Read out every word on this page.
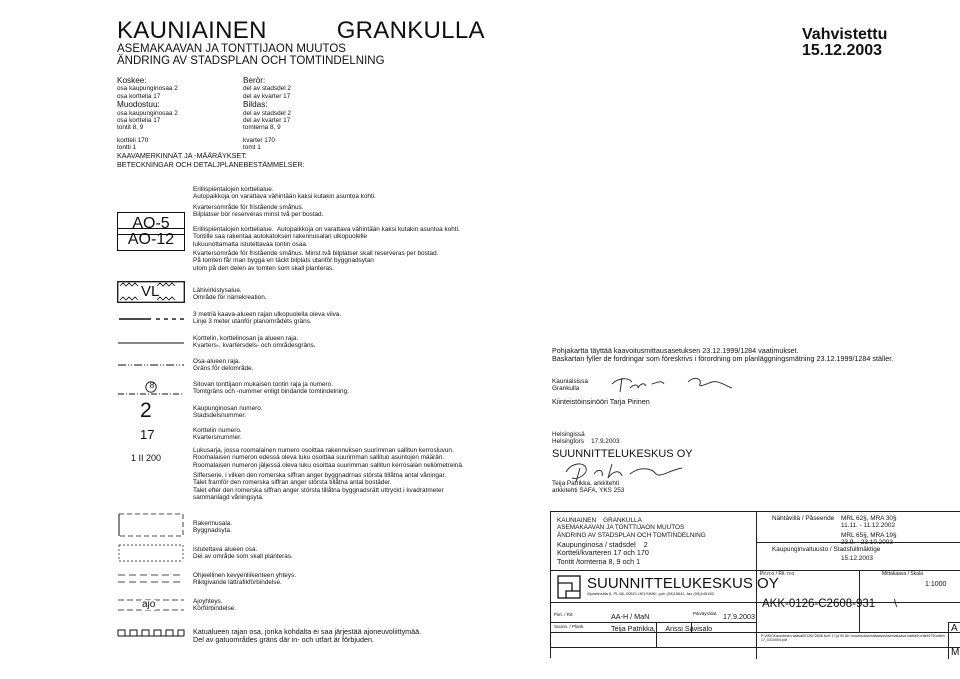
KAUNIAINEN	GRANKULLA
ASEMAKAAVAN JA TONTTIJAON MUUTOS
ÄNDRING AV STADSPLAN OCH TOMTINDELNING
Vahvistettu
15.12.2003
Koskee:
osa kaupunginosaa 2
osa korttelia 17
Muodostuu:
osa kaupunginosaa 2
osa korttelia 17
tontit 8, 9
kortteli 170
tontti 1
Berör:
del av stadsdel 2
del av kvarter 17
Bildas:
del av stadsdel 2
del av kvarter 17
tomterna 8, 9
kvarter 170
tomt 1
KAAVAMERKINNÄT JA -MÄÄRÄYKSET:
BETECKNINGAR OCH DETALJPLANEBESTÄMMELSER:
AO-5
Erillispientalojen korttelialue.
Autopaikkoja on varattava vähintään kaksi kutakin asuntoa kohti.
Kvartersområde för fristående småhus.
Bilplatser bör reserveras minst två per bostad.
AO-12
Erillispientalojen korttelialue.  Autopaikkoja on varattava vähintään kaksi kutakin asuntoa kohti.
Tontille saa rakentaa autokatoksen rakennusalan ulkopuolelle
lukuunottamatta istutettavaa tontin osaa.
Kvartersområde för fristående småhus. Minst två bilplatser skall reserveras per bostad.
På tomten får man bygga en täckt bilplats utanför byggnadsytan
utom på den delen av tomten som skall planteras.
VL	Lähivirkistysalue.
Område för närrekreation.
3 metriä kaava-alueen rajan ulkopuolella oleva viiva.
Linje 3 meter utanför planområdets gräns.
Korttelin, korttelinosan ja alueen raja.
Kvarters-, kvartersdels- och områdesgräns.
Osa-alueen raja.
Gräns för delområde.
8	Sitovan tonttijaon mukaisen tontin raja ja numero.
Tomtgräns och -nummer enligt bindande tomtindelning.
2	Kaupunginosan numero.
Stadsdelsnummer.
17	Korttelin numero.
Kvartersnummer.
1 II 200
Lukusarja, jossa roomalainen numero osoittaa rakennuksen suurimman sallitun kerrosluvun.
Roomalaisen numeron edessä oleva luku osoittaa suurimman sallitun asuntojen määrän.
Roomalaisen numeron jäljessä oleva luku osoittaa suurimman sallitun kerrosalan neliömetreinä.
Sifferserie, i vilken den romerska siffran anger byggnadrnas största tillåtna antal våningar.
Talet framför den romerska siffran anger största tillåtna antal bostäder.
Talet efter den romerska siffran anger största tillåtna byggnadsrätt uttryckt i kvadratmeter
sammanlagd våningsyta.
Rakennusala.
Byggnadsyta.
Istutettava alueen osa.
Del av område som skall planteras.
Ohjeellinen kevyenliikenteen yhteys.
Riktgivande lättrafikförbindelse.
ajo	Ajoyhteys.
Körförbindelse.
Katualueen rajan osa, jonka kohdalta ei saa järjestää ajoneuvoliittymää.
Del av gatuområdes gräns där in- och utfart är förbjuden.
Pohjakartta täyttää kaavoitusmittausasetuksen 23.12.1999/1284 vaatimukset.
Baskartan fyller de fordringar som föreskrivs i förordning om planläggningsmätning 23.12.1999/1284 ställer.
Kauniaisissa
Grankulla
Kiinteistöinsinööri Tarja Pirinen
Helsingissä
Helsingfors    17.9.2003
SUUNNITTELUKESKUS OY
Teija Patrikka, arkkitehti
arkkitehti SAFA, YKS 253
KAUNIAINEN    GRANKULLA
ASEMAKAAVAN JA TONTTIJAON MUUTOS
ÄNDRING AV STADSPLAN OCH TOMTINDELNING
Kaupunginosa / stadsdel    2
Kortteli/kvarteren 17 och 170
Tontit /tomterna 8, 9 och 1
Nähtävillä / Påseende MRL 62§, MRA 30§
11.11. - 11.12.2002
MRL 65§, MRA 19§
23.9. - 23.10.2003
Kaupunginvaltuusto / Stadsfullmäktige
15.12.2003
SUUNNITTELUKESKUS OY
Opastinsilta 6, PL 68, 00521 HELSINKI, puh (09)15641, fax (09)145150
Pir.n:o / Rit. n:o	Mittakaava / Skala
1:1000
AKK-0126-C2608-931 \
Piirt. / Rit.	AA-H / MaN	Päiväys/dat. 17.9.2003
Suunn. / Plank.	Teija Patrikka,     Anssi Savisalo
P:\AKK\Kauniainen kaavat\0126C2608 Kort 17 ja 90 AK-muutos\Asemakaava\Asemakaava kartta\Kortteli17\Kortteli17_0310004.pdf
A
M
